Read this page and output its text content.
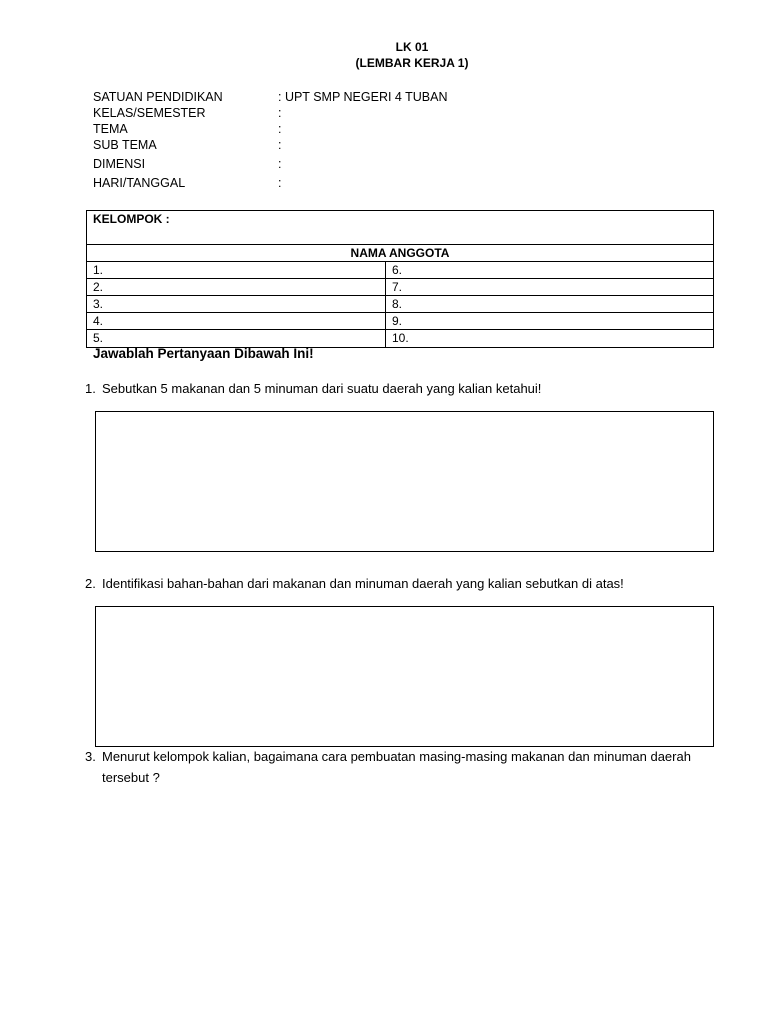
LK 01
(LEMBAR KERJA 1)
SATUAN PENDIDIKAN	: UPT SMP NEGERI 4 TUBAN
KELAS/SEMESTER	:
TEMA	:
SUB TEMA	:
DIMENSI	:
HARI/TANGGAL	:
KELOMPOK :
NAMA ANGGOTA
1.	6.
2.	7.
3.	8.
4.	9.
5.	10.
Jawablah Pertanyaan Dibawah Ini!
1. Sebutkan 5 makanan dan 5 minuman dari suatu daerah yang kalian ketahui!
2. Identifikasi bahan-bahan dari makanan dan minuman daerah yang kalian sebutkan di atas!
3. Menurut kelompok kalian, bagaimana cara pembuatan masing-masing makanan dan minuman daerah tersebut ?
